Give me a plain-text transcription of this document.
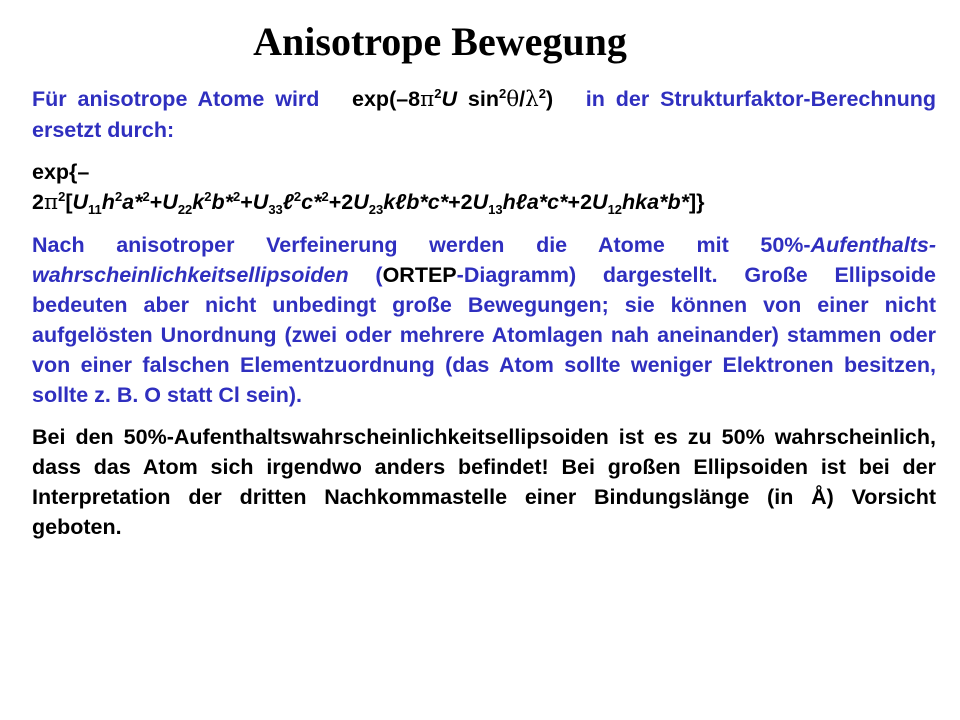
Anisotrope Bewegung

Für anisotrope Atome wird $\exp(-8\pi^2U$ $\sin^2\theta/\lambda^2$) in der Strukturfaktor-Berechnung ersetzt durch:

exp{–
$2\pi^2[U_{11}h^2a*^2+U_{22}k^2b*^2+U_{33}\ell^2c*^2+2U_{23}k\ell b*c*+2U_{13}h\ell a*c*+2U_{12}hka*b*]$}

Nach anisotroper Verfeinerung werden die Atome mit 50%-Aufenthalts-wahrscheinlichkeitsellipsoiden (ORTEP-Diagramm) dargestellt. Große Ellipsoide bedeuten aber nicht unbedingt große Bewegungen; sie können von einer nicht aufgelösten Unordnung (zwei oder mehrere Atomlagen nah aneinander) stammen oder von einer falschen Elementzuordnung (das Atom sollte weniger Elektronen besitzen, sollte z. B. O statt Cl sein).

Bei den 50%-Aufenthaltswahrscheinlichkeitsellipsoiden ist es zu 50% wahrscheinlich, dass das Atom sich irgendwo anders befindet! Bei großen Ellipsoiden ist bei der Interpretation der dritten Nachkommastelle einer Bindungslänge (in Å) Vorsicht geboten.
